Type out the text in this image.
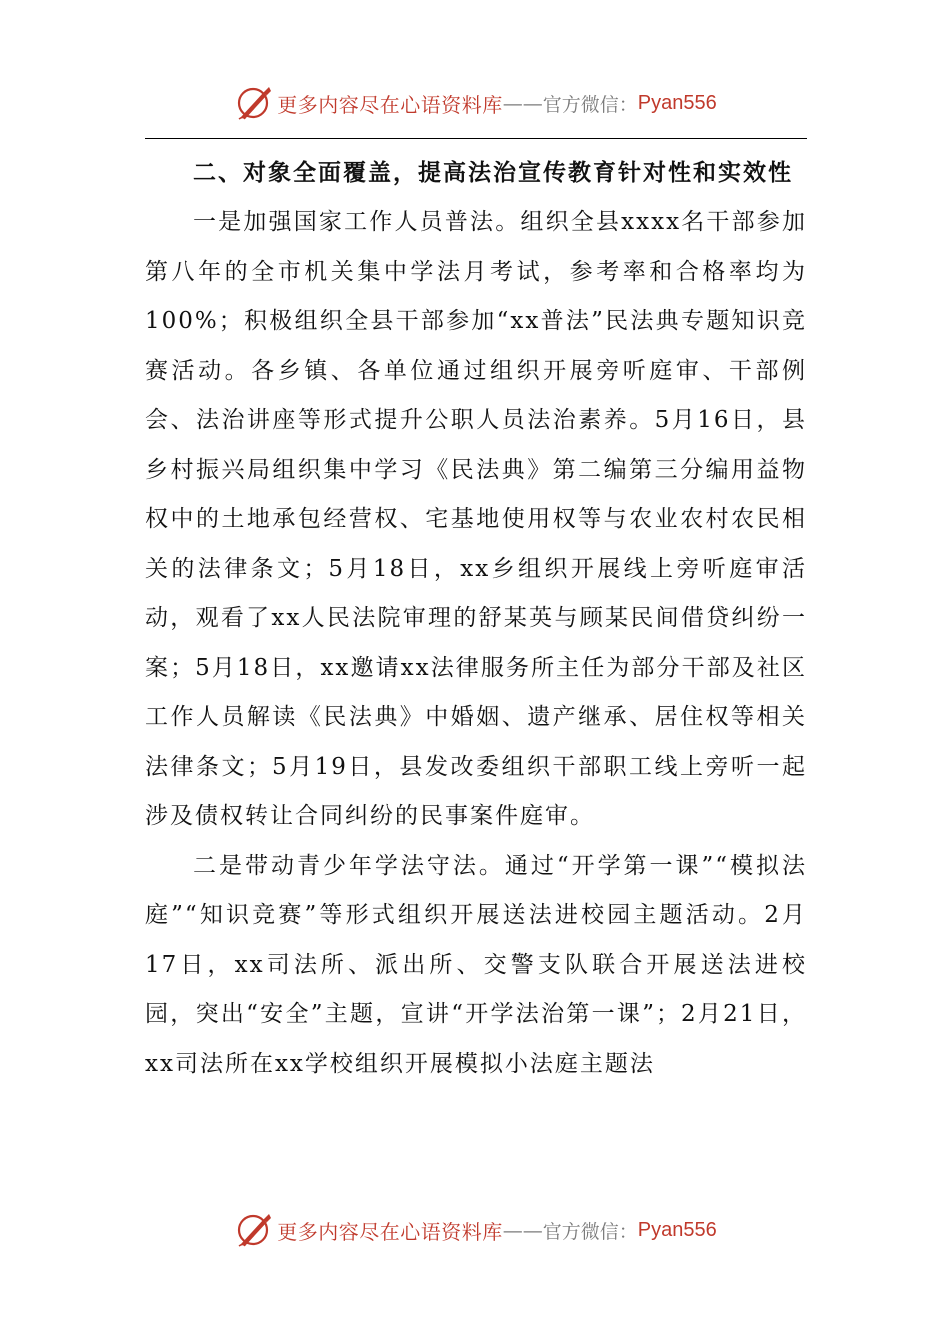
更多内容尽在心语资料库 — — 官方微信： Pyan556

二、对象全面覆盖，提高法治宣传教育针对性和实效性

一是加强国家工作人员普法。组织全县xxxx名干部参加第八年的全市机关集中学法月考试，参考率和合格率均为100%；积极组织全县干部参加“xx普法”民法典专题知识竞赛活动。各乡镇、各单位通过组织开展旁听庭审、干部例会、法治讲座等形式提升公职人员法治素养。5月16日，县乡村振兴局组织集中学习《民法典》第二编第三分编用益物权中的土地承包经营权、宅基地使用权等与农业农村农民相关的法律条文；5月18日，xx乡组织开展线上旁听庭审活动，观看了xx人民法院审理的舒某英与顾某民间借贷纠纷一案；5月18日，xx邀请xx法律服务所主任为部分干部及社区工作人员解读《民法典》中婚姻、遗产继承、居住权等相关法律条文；5月19日，县发改委组织干部职工线上旁听一起涉及债权转让合同纠纷的民事案件庭审。

二是带动青少年学法守法。通过“开学第一课”“模拟法庭”“知识竞赛”等形式组织开展送法进校园主题活动。2月17日，xx司法所、派出所、交警支队联合开展送法进校园，突出“安全”主题，宣讲“开学法治第一课”；2月21日，xx司法所在xx学校组织开展模拟小法庭主题法

更多内容尽在心语资料库 — — 官方微信： Pyan556
